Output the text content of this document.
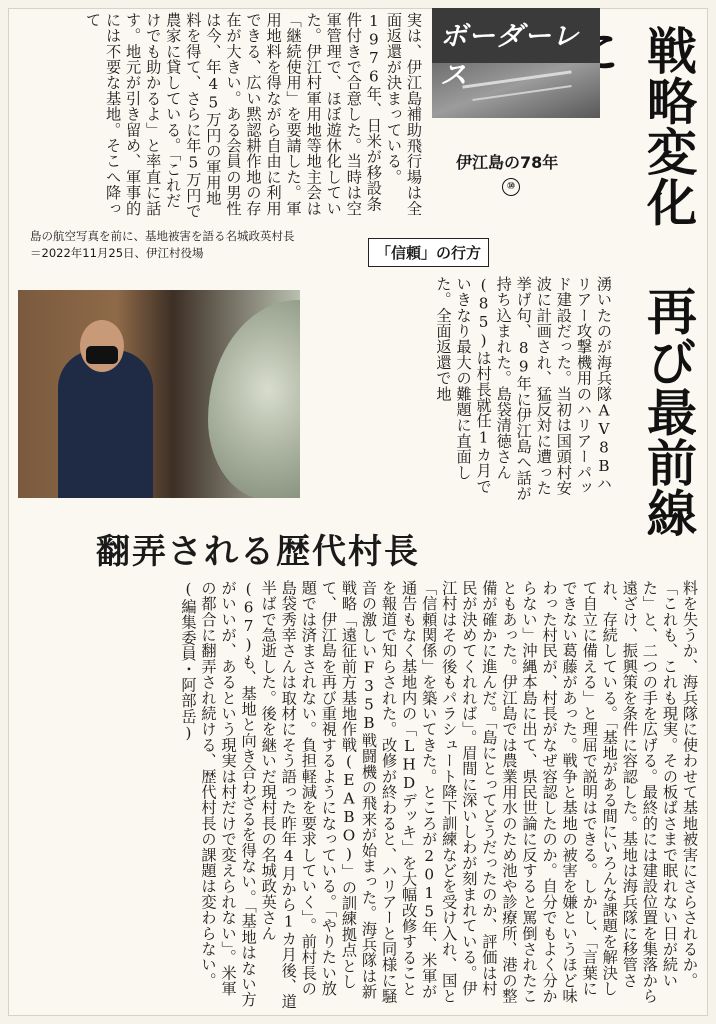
戦略変化 再び最前線
ボーダーレス
伊江島の78年
⑩
実は、伊江島補助飛行場は全面返還が決まっている。1976年、日米が移設条件付きで合意した。当時は空軍管理で、ほぼ遊休化していた。伊江村軍用地等地主会は「継続使用」を要請した。軍用地料を得ながら自由に利用できる、広い黙認耕作地の存在が大きい。ある会員の男性は今、年45万円の軍用地料を得て、さらに年5万円で農家に貸している。「これだけでも助かるよ」と率直に話す。地元が引き留め、軍事的には不要な基地。そこへ降って
島の航空写真を前に、基地被害を語る名城政英村長＝2022年11月25日、伊江村役場	「信頼」の行方
湧いたのが海兵隊AV8Bハリアー攻撃機用のハリアーパッド建設だった。当初は国頭村安波に計画され、猛反対に遭った挙げ句、89年に伊江島へ話が持ち込まれた。島袋清徳さん(85)は村長就任1カ月でいきなり最大の難題に直面した。全面返還で地
翻弄される歴代村長
料を失うか、海兵隊に使わせて基地被害にさらされるか。「これも、これも現実。その板ばさまで眠れない日が続いた」と、二つの手を広げる。最終的には建設位置を集落から遠ざけ、振興策を条件に容認した。基地は海兵隊に移管され、存続している。「基地がある間にいろんな課題を解決して自立に備える」と理屈で説明はできる。しかし、「言葉にできない葛藤があった。戦争と基地の被害を嫌というほど味わった村民が、村長がなぜ容認したのか。自分でもよく分からない」沖縄本島に出て、県民世論に反すると罵倒されたこともあった。伊江島では農業用水のため池や診療所、港の整備が確かに進んだ。「島にとってどうだったのか、評価は村民が決めてくれれば」。眉間に深いしわが刻まれている。伊江村はその後もパラシュート降下訓練などを受け入れ、国と「信頼関係」を築いてきた。ところが2015年、米軍が通告もなく基地内の「LHDデッキ」を大幅改修することを報道で知らされた。改修が終わると、ハリアーと同様に騒音の激しいF35B戦闘機の飛来が始まった。海兵隊は新戦略「遠征前方基地作戦(EABO)」の訓練拠点として、伊江島を再び重視するようになっている。「やりたい放題では済まされない。負担軽減を要求していく」。前村長の島袋秀幸さんは取材にそう語った昨年4月から1カ月後、道半ばで急逝した。後を継いだ現村長の名城政英さん(67)も、基地と向き合わざるを得ない。「基地はない方がいいが、あるという現実は村だけで変えられない」。米軍の都合に翻弄され続ける、歴代村長の課題は変わらない。(編集委員・阿部岳)
